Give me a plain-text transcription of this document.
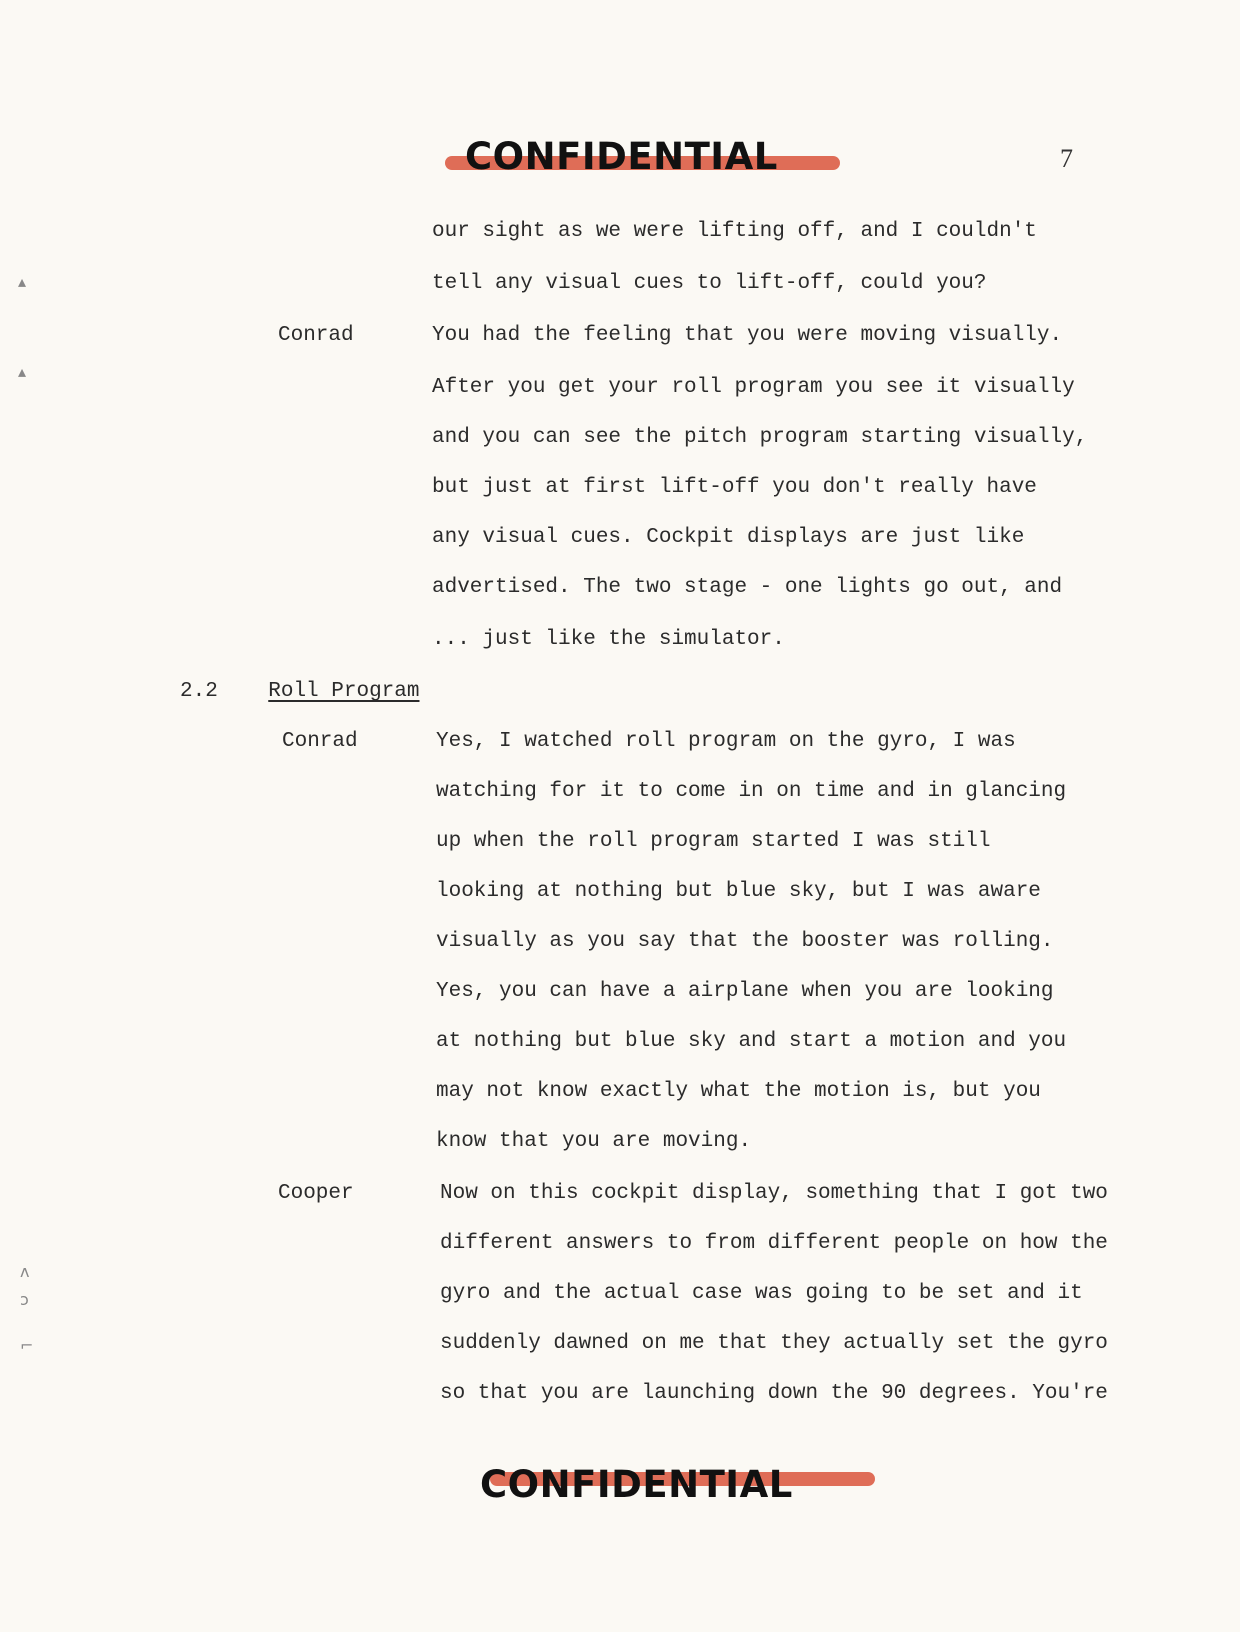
CONFIDENTIAL	7
our sight as we were lifting off, and I couldn't
tell any visual cues to lift-off, could you?
Conrad	You had the feeling that you were moving visually.
After you get your roll program you see it visually
and you can see the pitch program starting visually,
but just at first lift-off you don't really have
any visual cues. Cockpit displays are just like
advertised. The two stage - one lights go out, and
... just like the simulator.
2.2 Roll Program
Conrad	Yes, I watched roll program on the gyro, I was
watching for it to come in on time and in glancing
up when the roll program started I was still
looking at nothing but blue sky, but I was aware
visually as you say that the booster was rolling.
Yes, you can have a airplane when you are looking
at nothing but blue sky and start a motion and you
may not know exactly what the motion is, but you
know that you are moving.
Cooper	Now on this cockpit display, something that I got two
different answers to from different people on how the
gyro and the actual case was going to be set and it
suddenly dawned on me that they actually set the gyro
so that you are launching down the 90 degrees. You're
CONFIDENTIAL
▴
▴
ʌ
ɔ
⌐
